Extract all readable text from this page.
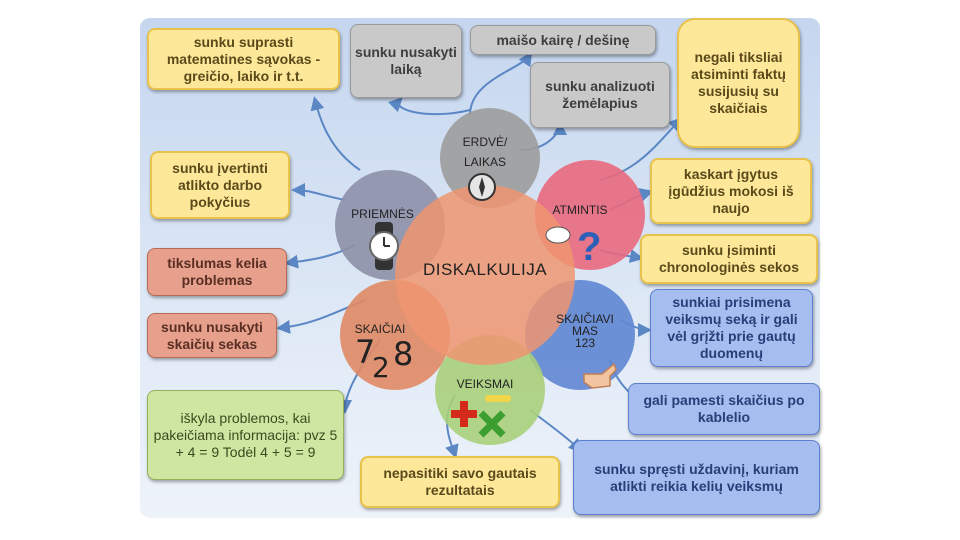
ERDVĖ/
LAIKAS
ATMINTIS
PRIEMNĖS
SKAIČIAI
SKAIČIAVI
MAS
123
VEIKSMAI
DISKALKULIJA
?
7
2 8
sunku suprasti matematines sąvokas - greičio, laiko ir t.t.
sunku įvertinti atlikto darbo pokyčius
tikslumas kelia problemas
sunku nusakyti skaičių sekas
iškyla problemos, kai pakeičiama informacija: pvz 5 + 4 = 9 Todėl 4 + 5 = 9
sunku nusakyti laiką
maišo kairę / dešinę
sunku analizuoti žemėlapius
negali tiksliai atsiminti faktų susijusių su skaičiais
kaskart įgytus įgūdžius mokosi iš naujo
sunku įsiminti chronologinės sekos
sunkiai prisimena veiksmų seką ir gali vėl grįžti prie gautų duomenų
gali pamesti skaičius po kablelio
sunku spręsti uždavinį, kuriam atlikti reikia kelių veiksmų
nepasitiki savo gautais rezultatais
